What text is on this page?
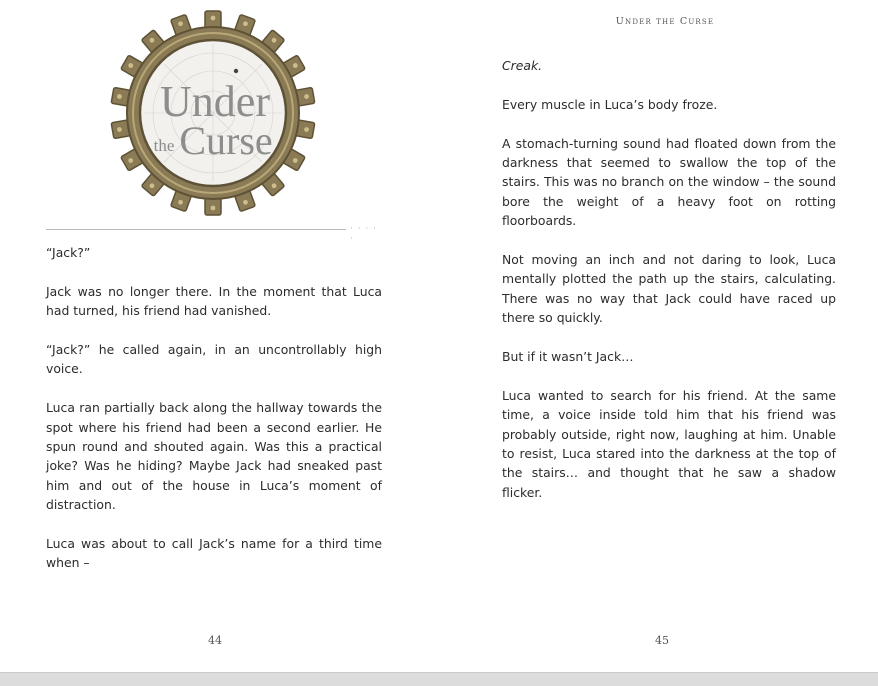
Under
the Curse
· · · · ·

“Jack?”

Jack was no longer there. In the moment that Luca had turned, his friend had vanished.

“Jack?” he called again, in an uncontrollably high voice.

Luca ran partially back along the hallway towards the spot where his friend had been a second earlier. He spun round and shouted again. Was this a practical joke? Was he hiding? Maybe Jack had sneaked past him and out of the house in Luca’s moment of distraction.

Luca was about to call Jack’s name for a third time when –

44
Under the Curse

Creak.

Every muscle in Luca’s body froze.

A stomach-turning sound had floated down from the darkness that seemed to swallow the top of the stairs. This was no branch on the window – the sound bore the weight of a heavy foot on rotting floorboards.

Not moving an inch and not daring to look, Luca mentally plotted the path up the stairs, calculating. There was no way that Jack could have raced up there so quickly.

But if it wasn’t Jack…

Luca wanted to search for his friend. At the same time, a voice inside told him that his friend was probably outside, right now, laughing at him. Unable to resist, Luca stared into the darkness at the top of the stairs… and thought that he saw a shadow flicker.

45
